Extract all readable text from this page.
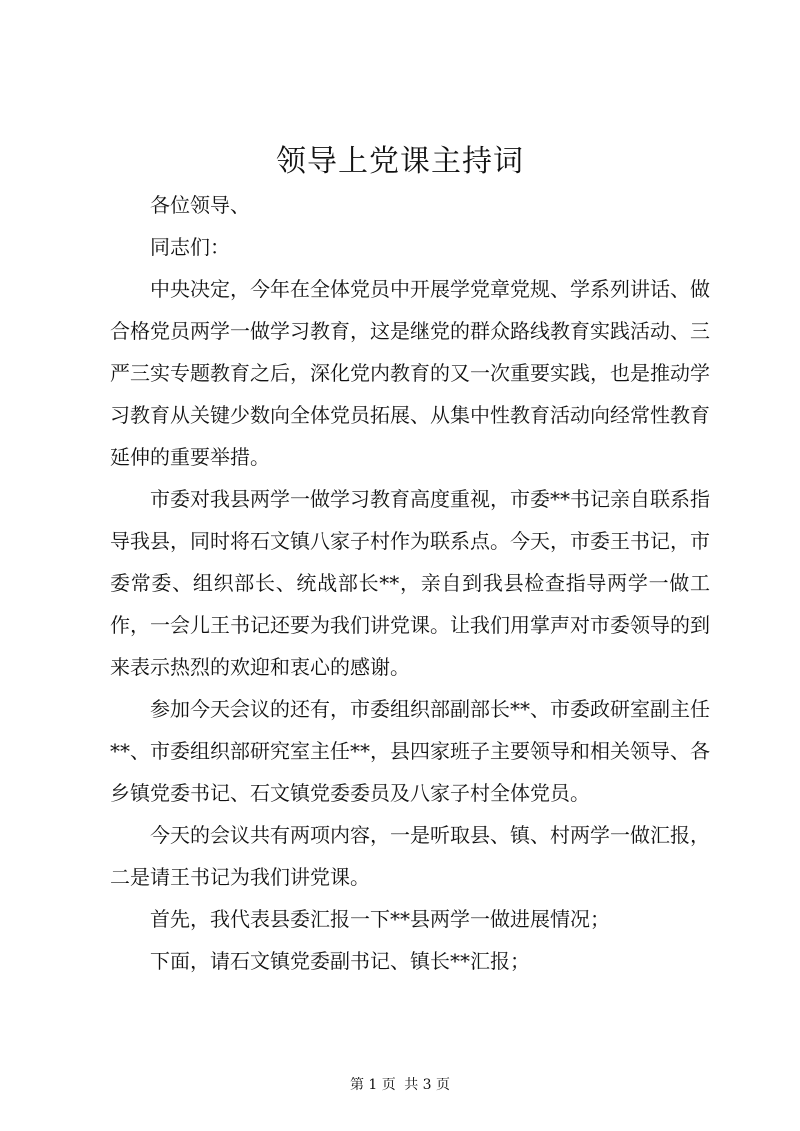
领导上党课主持词

各位领导、

同志们：

中央决定，今年在全体党员中开展学党章党规、学系列讲话、做合格党员两学一做学习教育，这是继党的群众路线教育实践活动、三严三实专题教育之后，深化党内教育的又一次重要实践，也是推动学习教育从关键少数向全体党员拓展、从集中性教育活动向经常性教育延伸的重要举措。

市委对我县两学一做学习教育高度重视，市委**书记亲自联系指导我县，同时将石文镇八家子村作为联系点。今天，市委王书记，市委常委、组织部长、统战部长**，亲自到我县检查指导两学一做工作，一会儿王书记还要为我们讲党课。让我们用掌声对市委领导的到来表示热烈的欢迎和衷心的感谢。

参加今天会议的还有，市委组织部副部长**、市委政研室副主任**、市委组织部研究室主任**，县四家班子主要领导和相关领导、各乡镇党委书记、石文镇党委委员及八家子村全体党员。

今天的会议共有两项内容，一是听取县、镇、村两学一做汇报，二是请王书记为我们讲党课。

首先，我代表县委汇报一下**县两学一做进展情况；

下面，请石文镇党委副书记、镇长**汇报；

第 1 页 共 3 页
